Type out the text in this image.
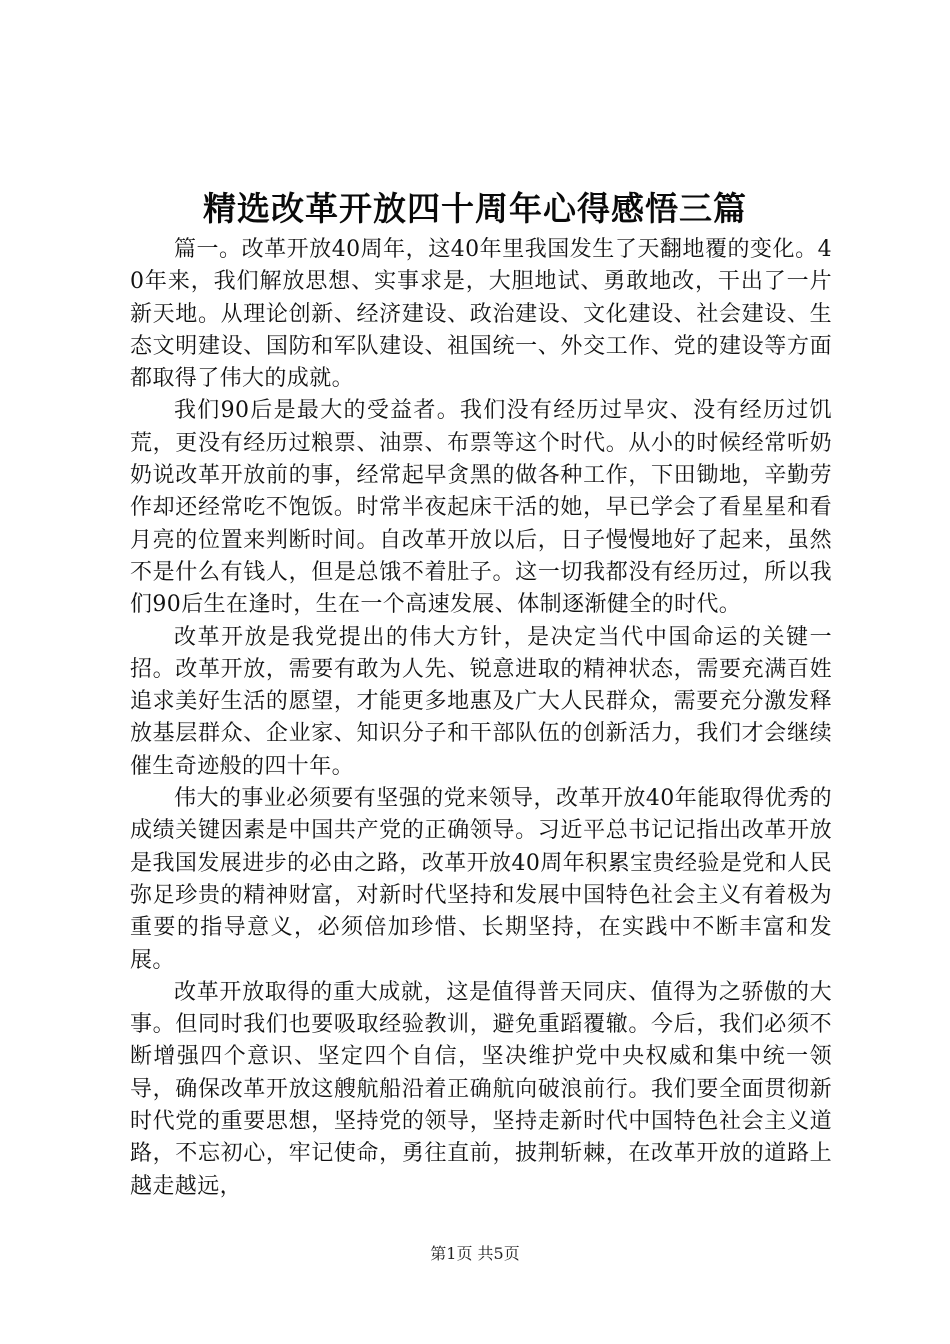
精选改革开放四十周年心得感悟三篇

篇一。改革开放40周年，这40年里我国发生了天翻地覆的变化。40年来，我们解放思想、实事求是，大胆地试、勇敢地改，干出了一片新天地。从理论创新、经济建设、政治建设、文化建设、社会建设、生态文明建设、国防和军队建设、祖国统一、外交工作、党的建设等方面都取得了伟大的成就。

我们90后是最大的受益者。我们没有经历过旱灾、没有经历过饥荒，更没有经历过粮票、油票、布票等这个时代。从小的时候经常听奶奶说改革开放前的事，经常起早贪黑的做各种工作，下田锄地，辛勤劳作却还经常吃不饱饭。时常半夜起床干活的她，早已学会了看星星和看月亮的位置来判断时间。自改革开放以后，日子慢慢地好了起来，虽然不是什么有钱人，但是总饿不着肚子。这一切我都没有经历过，所以我们90后生在逢时，生在一个高速发展、体制逐渐健全的时代。

改革开放是我党提出的伟大方针，是决定当代中国命运的关键一招。改革开放，需要有敢为人先、锐意进取的精神状态，需要充满百姓追求美好生活的愿望，才能更多地惠及广大人民群众，需要充分激发释放基层群众、企业家、知识分子和干部队伍的创新活力，我们才会继续催生奇迹般的四十年。

伟大的事业必须要有坚强的党来领导，改革开放40年能取得优秀的成绩关键因素是中国共产党的正确领导。习近平总书记记指出改革开放是我国发展进步的必由之路，改革开放40周年积累宝贵经验是党和人民弥足珍贵的精神财富，对新时代坚持和发展中国特色社会主义有着极为重要的指导意义，必须倍加珍惜、长期坚持，在实践中不断丰富和发展。

改革开放取得的重大成就，这是值得普天同庆、值得为之骄傲的大事。但同时我们也要吸取经验教训，避免重蹈覆辙。今后，我们必须不断增强四个意识、坚定四个自信，坚决维护党中央权威和集中统一领导，确保改革开放这艘航船沿着正确航向破浪前行。我们要全面贯彻新时代党的重要思想，坚持党的领导，坚持走新时代中国特色社会主义道路，不忘初心，牢记使命，勇往直前，披荆斩棘，在改革开放的道路上越走越远，

第1页 共5页
